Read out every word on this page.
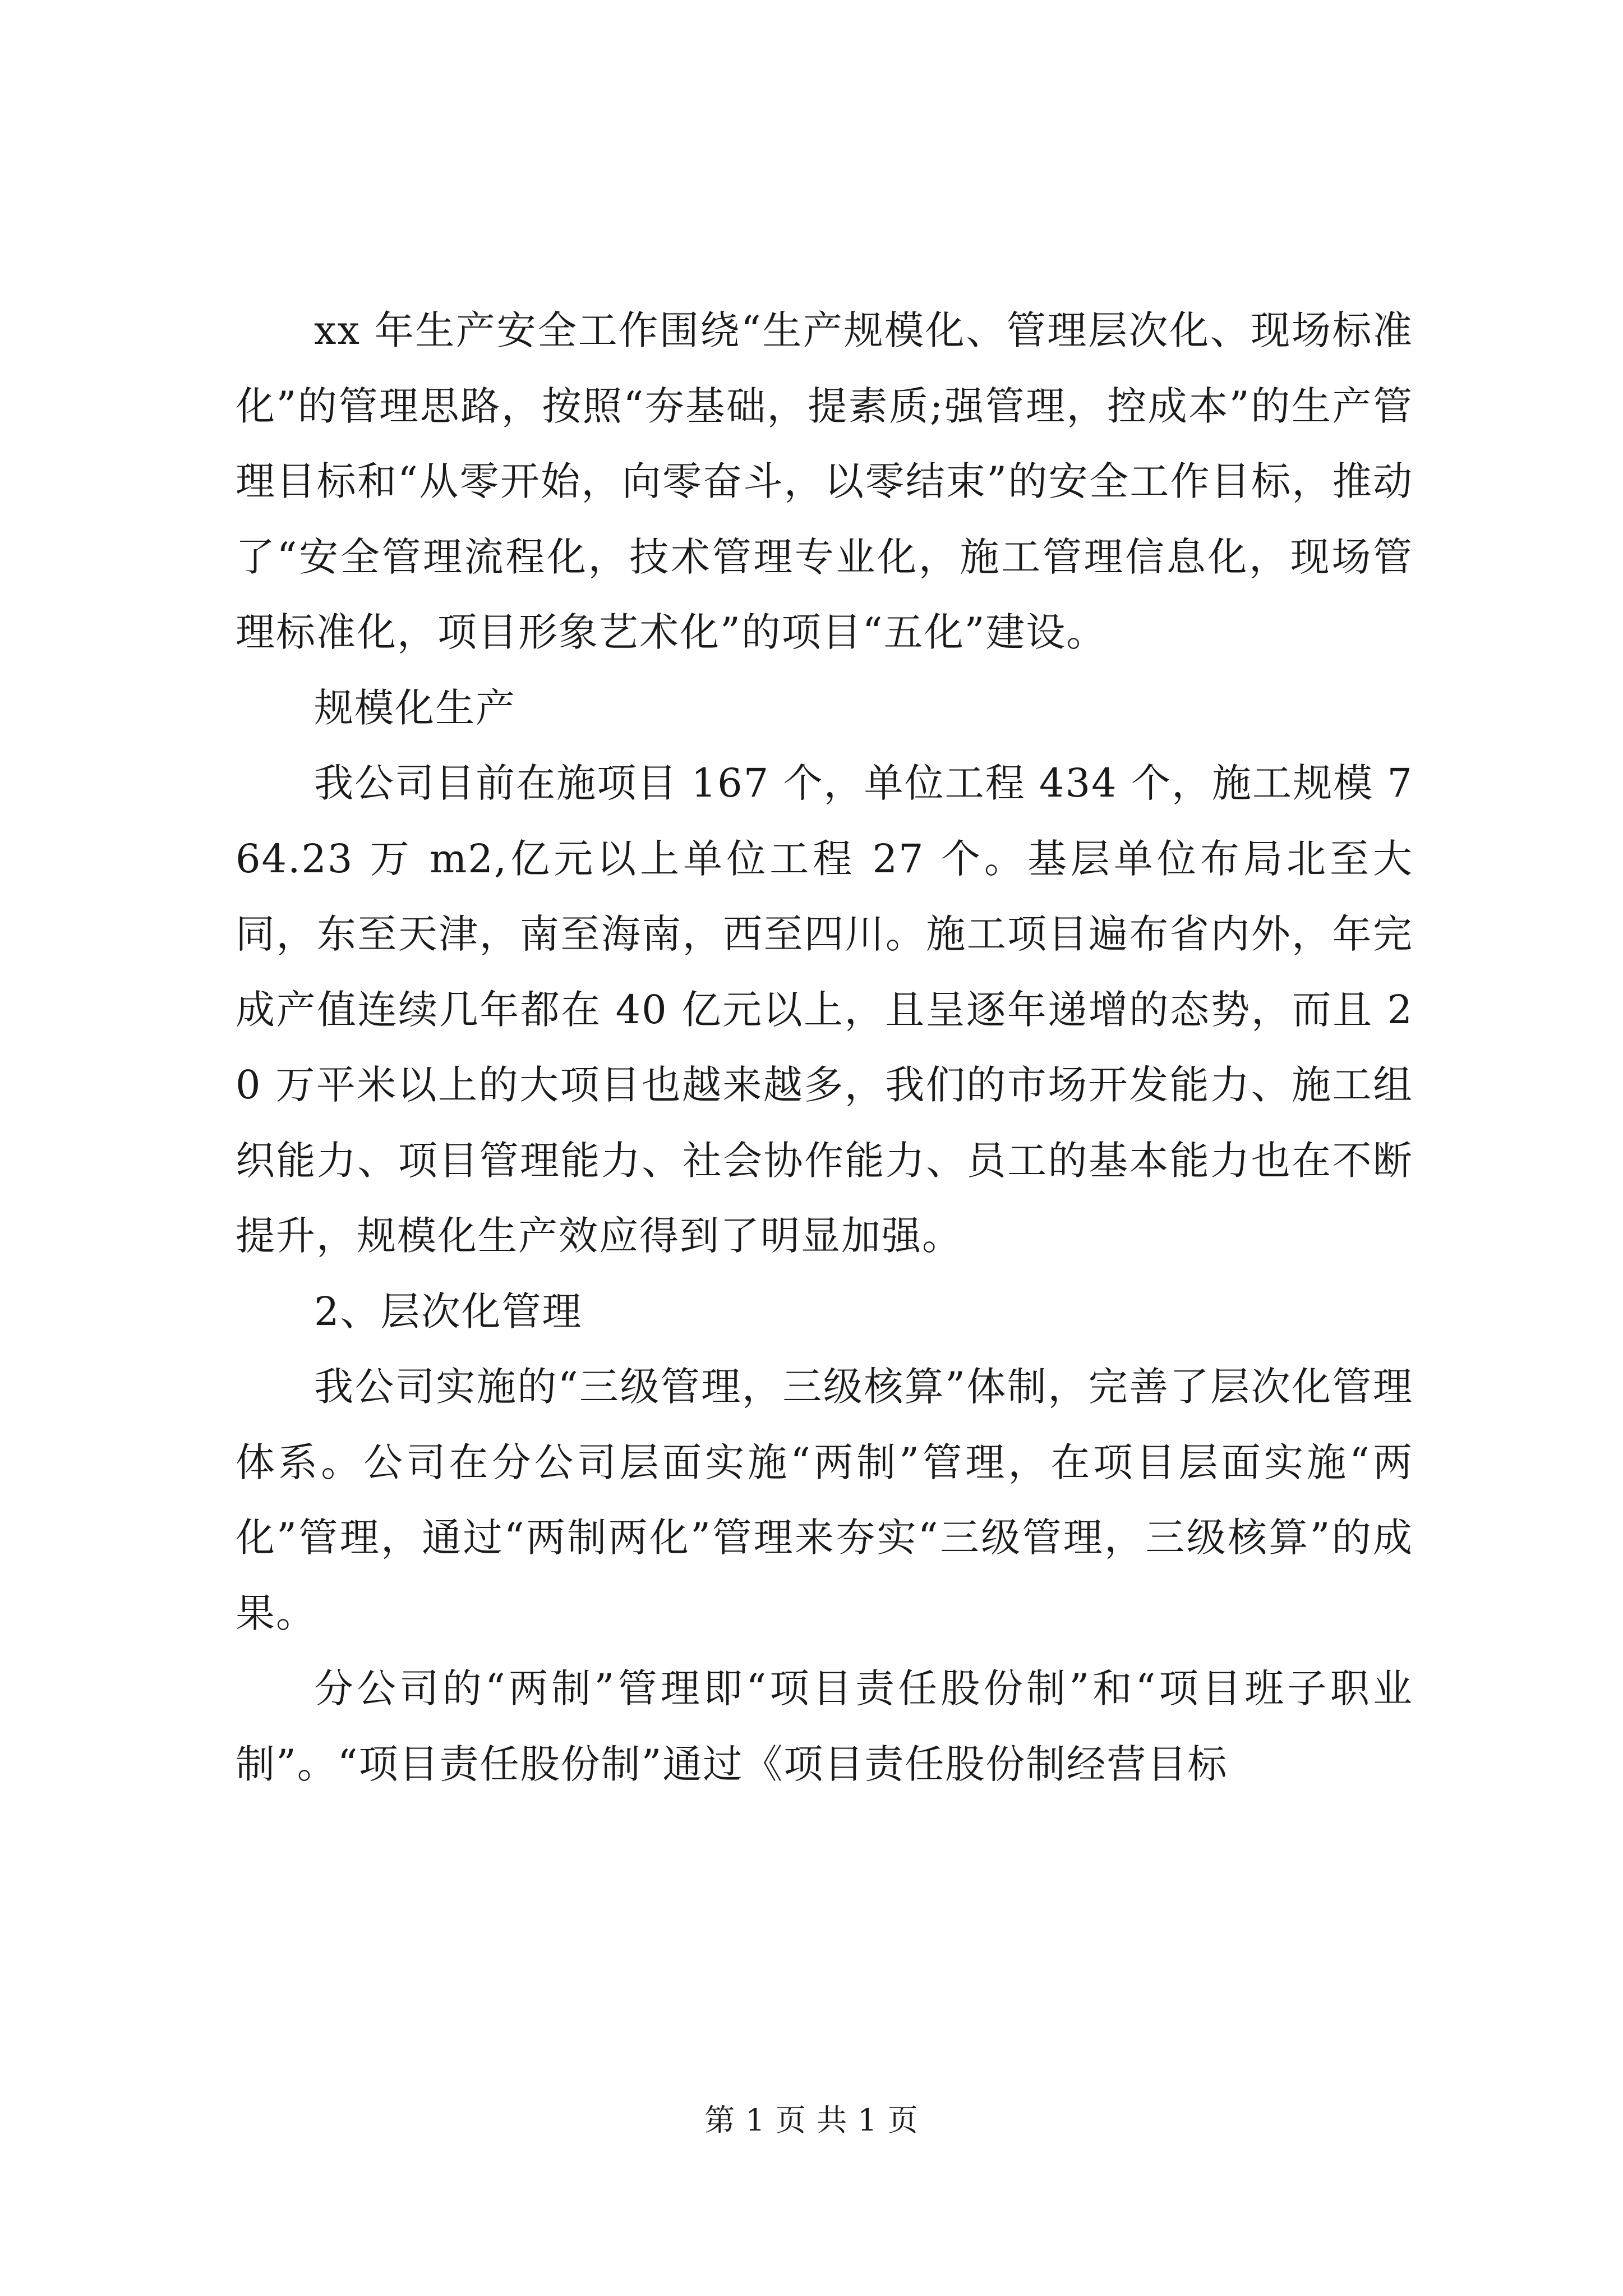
xx 年生产安全工作围绕“生产规模化、管理层次化、现场标准化”的管理思路，按照“夯基础，提素质;强管理，控成本”的生产管理目标和“从零开始，向零奋斗，以零结束”的安全工作目标，推动了“安全管理流程化，技术管理专业化，施工管理信息化，现场管理标准化，项目形象艺术化”的项目“五化”建设。

规模化生产

我公司目前在施项目 167 个，单位工程 434 个，施工规模 764.23 万 m2,亿元以上单位工程 27 个。基层单位布局北至大同，东至天津，南至海南，西至四川。施工项目遍布省内外，年完成产值连续几年都在 40 亿元以上，且呈逐年递增的态势，而且 20 万平米以上的大项目也越来越多，我们的市场开发能力、施工组织能力、项目管理能力、社会协作能力、员工的基本能力也在不断提升，规模化生产效应得到了明显加强。

2、层次化管理

我公司实施的“三级管理，三级核算”体制，完善了层次化管理体系。公司在分公司层面实施“两制”管理，在项目层面实施“两化”管理，通过“两制两化”管理来夯实“三级管理，三级核算”的成果。

分公司的“两制”管理即“项目责任股份制”和“项目班子职业制”。“项目责任股份制”通过《项目责任股份制经营目标

第 1 页 共 1 页
